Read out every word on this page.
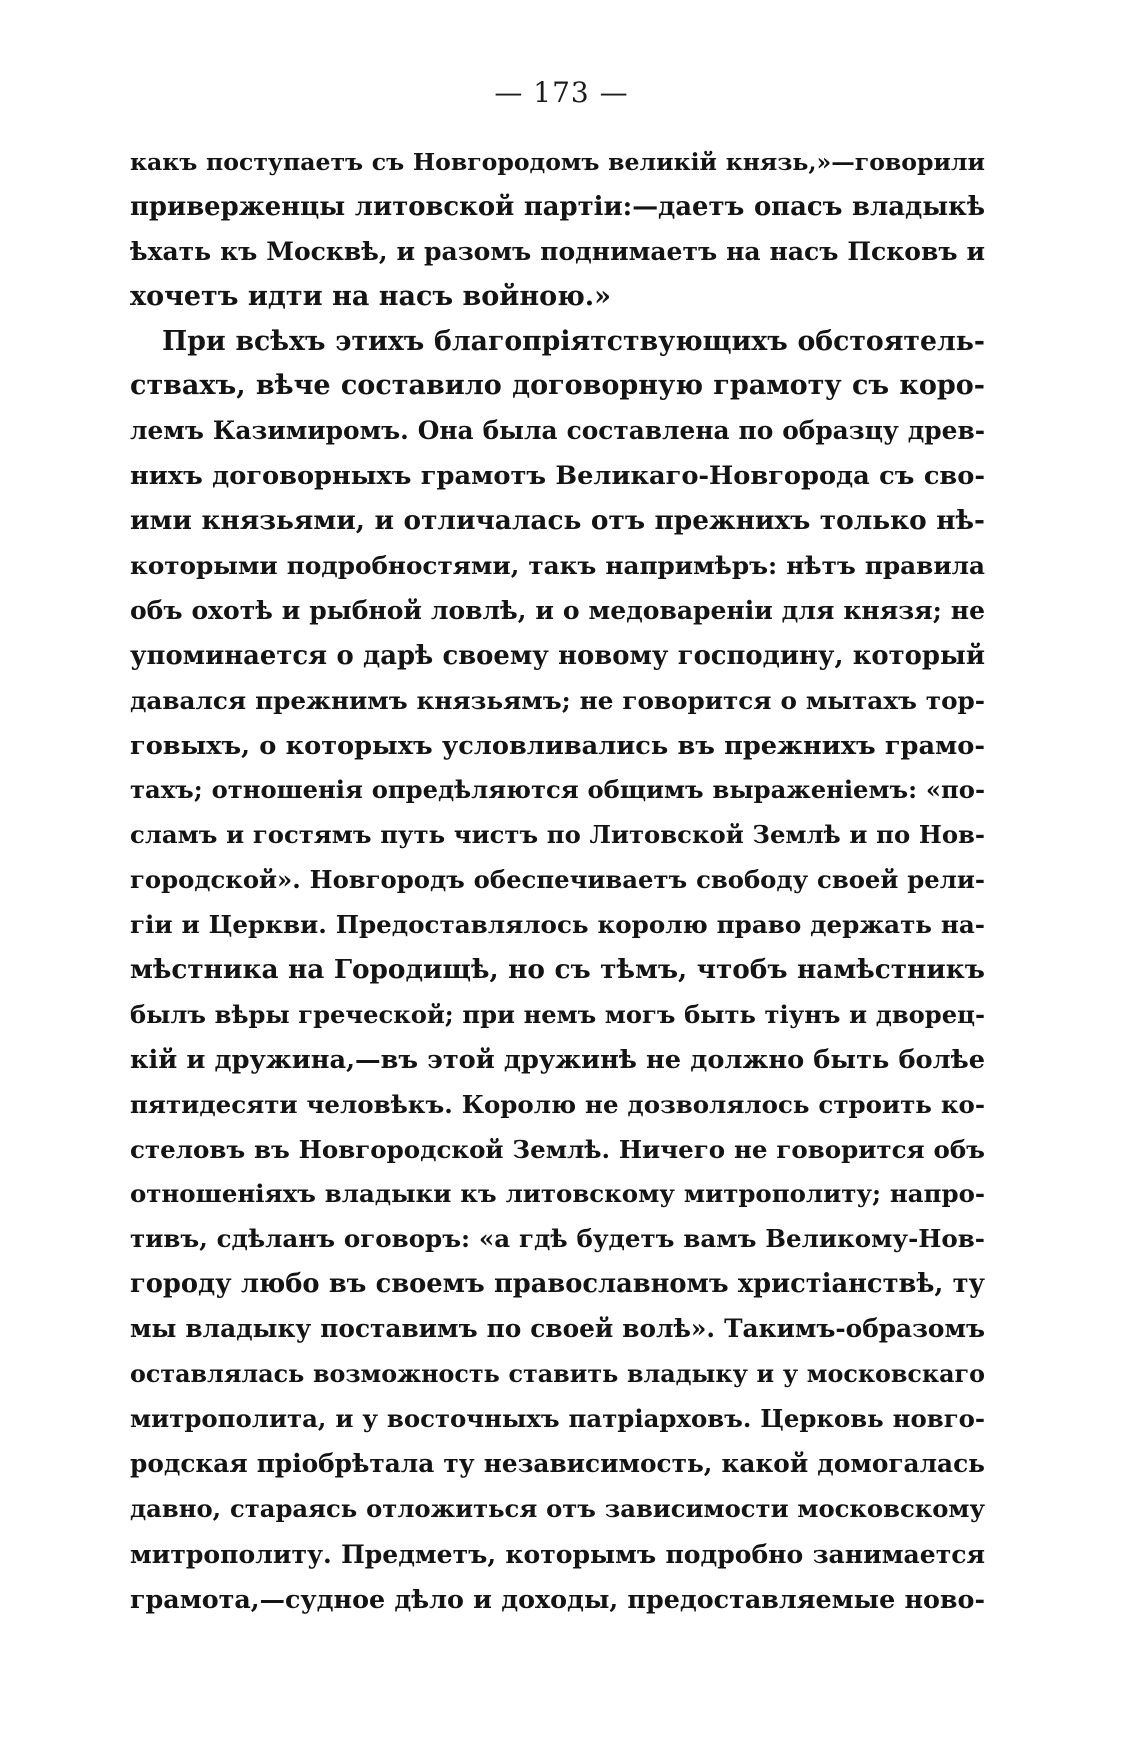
— 173 —
какъ поступаетъ съ Новгородомъ великій князь,»—говорили
приверженцы литовской партіи:—даетъ опасъ владыкѣ
ѣхать къ Москвѣ, и разомъ поднимаетъ на насъ Псковъ и
хочетъ идти на насъ войною.»
При всѣхъ этихъ благопріятствующихъ обстоятель-
ствахъ, вѣче составило договорную грамоту съ коро-
лемъ Казимиромъ. Она была составлена по образцу древ-
нихъ договорныхъ грамотъ Великаго-Новгорода съ сво-
ими князьями, и отличалась отъ прежнихъ только нѣ-
которыми подробностями, такъ напримѣръ: нѣтъ правила
объ охотѣ и рыбной ловлѣ, и о медовареніи для князя; не
упоминается о дарѣ своему новому господину, который
давался прежнимъ князьямъ; не говорится о мытахъ тор-
говыхъ, о которыхъ условливались въ прежнихъ грамо-
тахъ; отношенія опредѣляются общимъ выраженіемъ: «по-
сламъ и гостямъ путь чистъ по Литовской Землѣ и по Нов-
городской». Новгородъ обеспечиваетъ свободу своей рели-
гіи и Церкви. Предоставлялось королю право держать на-
мѣстника на Городищѣ, но съ тѣмъ, чтобъ намѣстникъ
былъ вѣры греческой; при немъ могъ быть тіунъ и дворец-
кій и дружина,—въ этой дружинѣ не должно быть болѣе
пятидесяти человѣкъ. Королю не дозволялось строить ко-
стеловъ въ Новгородской Землѣ. Ничего не говорится объ
отношеніяхъ владыки къ литовскому митрополиту; напро-
тивъ, сдѣланъ оговоръ: «а гдѣ будетъ вамъ Великому-Нов-
городу любо въ своемъ православномъ христіанствѣ, ту
мы владыку поставимъ по своей волѣ». Такимъ-образомъ
оставлялась возможность ставить владыку и у московскаго
митрополита, и у восточныхъ патріарховъ. Церковь новго-
родская пріобрѣтала ту независимость, какой домогалась
давно, стараясь отложиться отъ зависимости московскому
митрополиту. Предметъ, которымъ подробно занимается
грамота,—судное дѣло и доходы, предоставляемые ново-
